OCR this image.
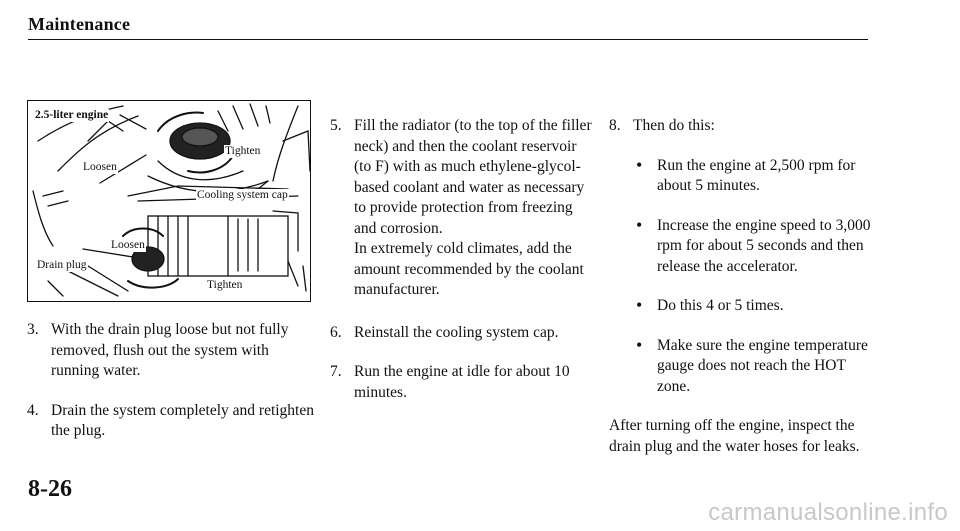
Maintenance
2.5-liter engine
Tighten
Loosen
Cooling system cap
Loosen
Drain plug
Tighten
3. With the drain plug loose but not fully removed, flush out the system with running water.
4. Drain the system completely and retighten the plug.
5. Fill the radiator (to the top of the filler neck) and then the coolant reservoir (to F) with as much ethylene-glycol-based coolant and water as necessary to provide protection from freezing and corrosion.
In extremely cold climates, add the amount recommended by the coolant manufacturer.
6. Reinstall the cooling system cap.
7. Run the engine at idle for about 10 minutes.
8. Then do this:
• Run the engine at 2,500 rpm for about 5 minutes.
• Increase the engine speed to 3,000 rpm for about 5 seconds and then release the accelerator.
• Do this 4 or 5 times.
• Make sure the engine temperature gauge does not reach the HOT zone.
After turning off the engine, inspect the drain plug and the water hoses for leaks.
8-26
carmanualsonline.info
